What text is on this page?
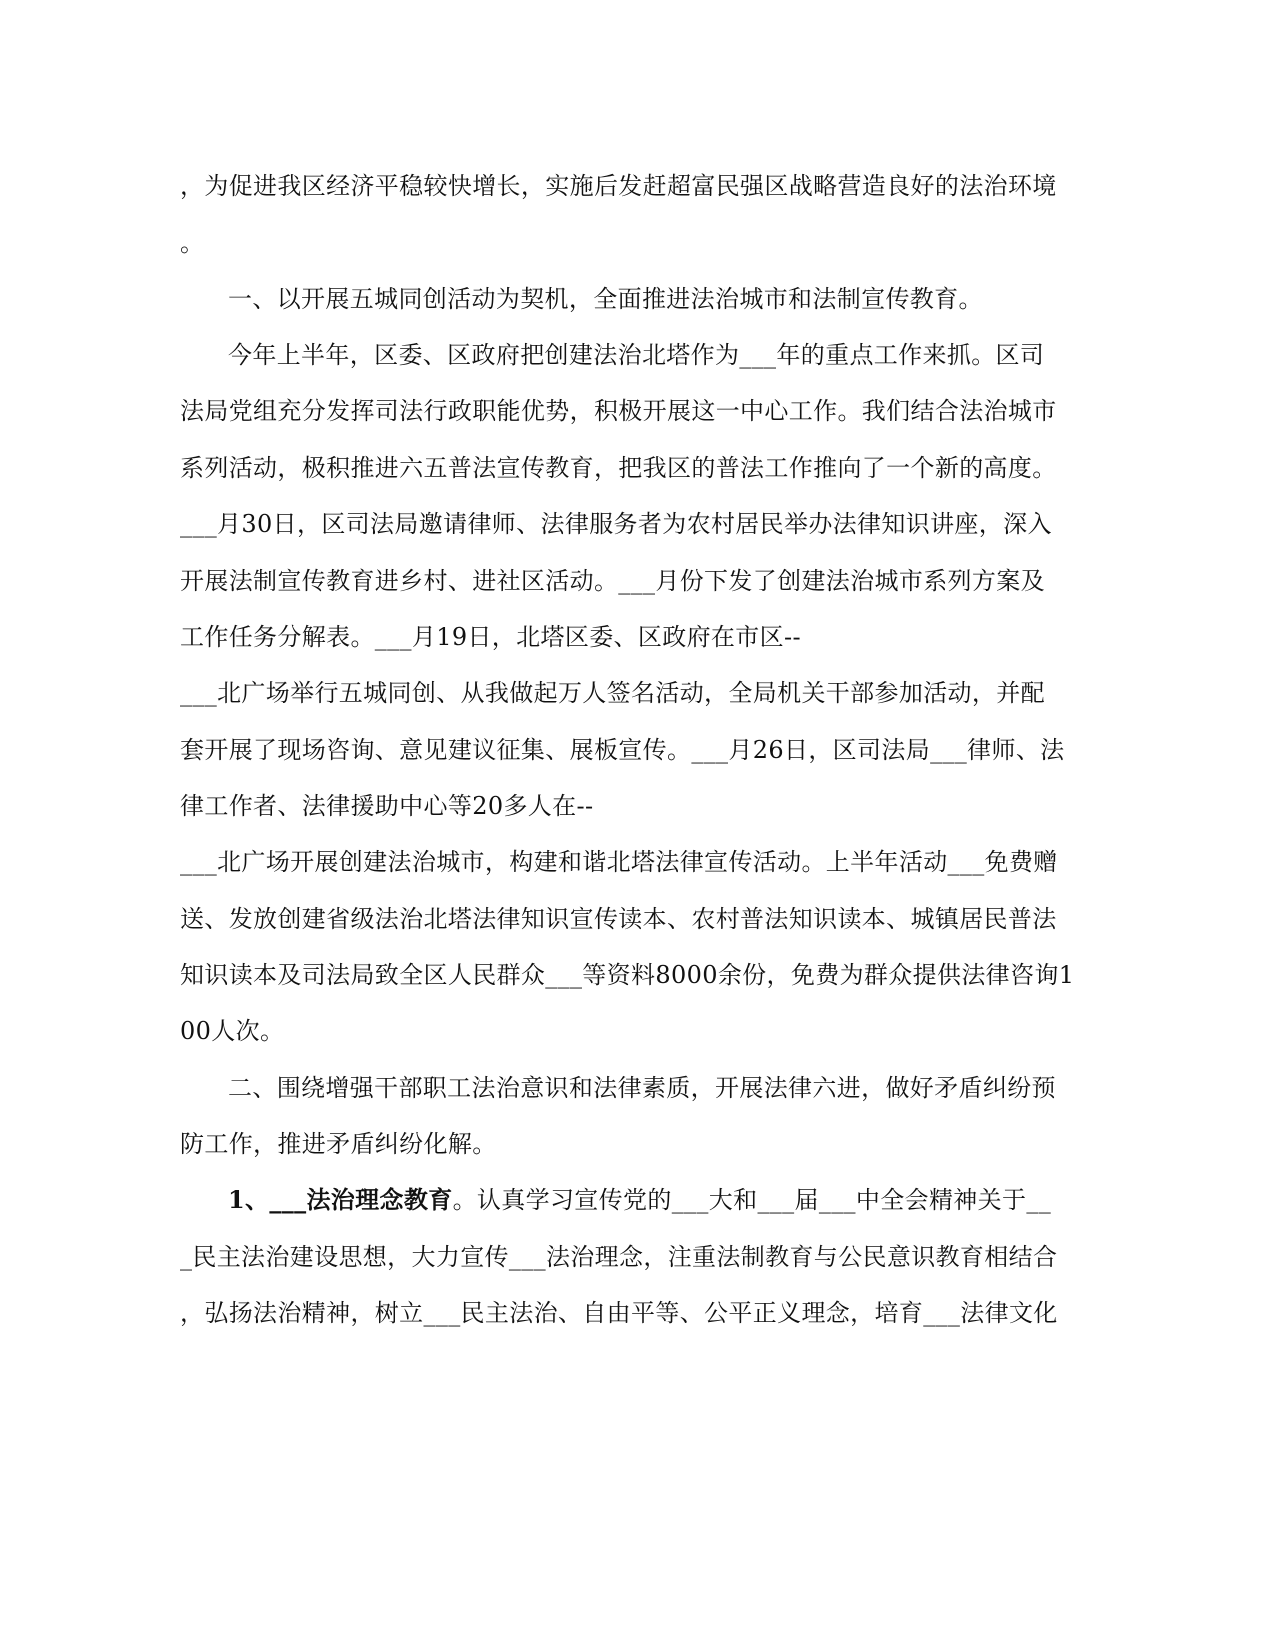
，为促进我区经济平稳较快增长，实施后发赶超富民强区战略营造良好的法治环境
。
一、以开展五城同创活动为契机，全面推进法治城市和法制宣传教育。
今年上半年，区委、区政府把创建法治北塔作为___年的重点工作来抓。区司
法局党组充分发挥司法行政职能优势，积极开展这一中心工作。我们结合法治城市
系列活动，极积推进六五普法宣传教育，把我区的普法工作推向了一个新的高度。
___月30日，区司法局邀请律师、法律服务者为农村居民举办法律知识讲座，深入
开展法制宣传教育进乡村、进社区活动。___月份下发了创建法治城市系列方案及
工作任务分解表。___月19日，北塔区委、区政府在市区--
___北广场举行五城同创、从我做起万人签名活动，全局机关干部参加活动，并配
套开展了现场咨询、意见建议征集、展板宣传。___月26日，区司法局___律师、法
律工作者、法律援助中心等20多人在--
___北广场开展创建法治城市，构建和谐北塔法律宣传活动。上半年活动___免费赠
送、发放创建省级法治北塔法律知识宣传读本、农村普法知识读本、城镇居民普法
知识读本及司法局致全区人民群众___等资料8000余份，免费为群众提供法律咨询1
00人次。
二、围绕增强干部职工法治意识和法律素质，开展法律六进，做好矛盾纠纷预
防工作，推进矛盾纠纷化解。
1、___法治理念教育。认真学习宣传党的___大和___届___中全会精神关于__
_民主法治建设思想，大力宣传___法治理念，注重法制教育与公民意识教育相结合
，弘扬法治精神，树立___民主法治、自由平等、公平正义理念，培育___法律文化
